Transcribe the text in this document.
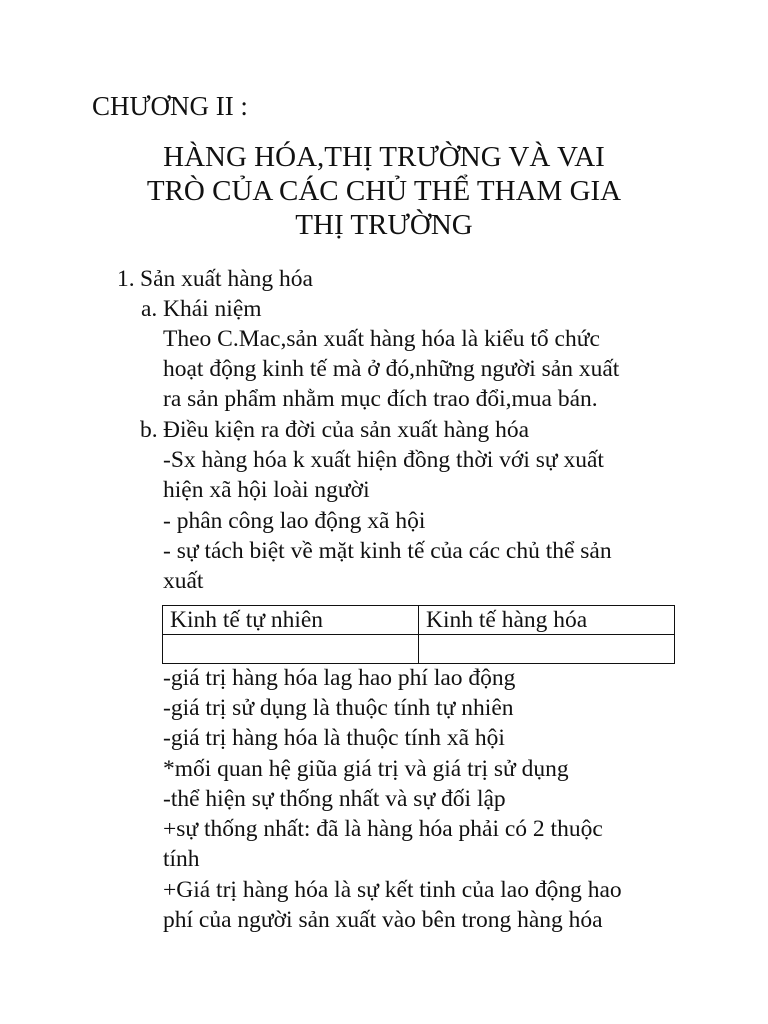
CHƯƠNG II :
HÀNG HÓA,THỊ TRƯỜNG VÀ VAI
TRÒ CỦA CÁC CHỦ THỂ THAM GIA
THỊ TRƯỜNG
1. Sản xuất hàng hóa
a. Khái niệm
Theo C.Mac,sản xuất hàng hóa là kiểu tổ chức
hoạt động kinh tế mà ở đó,những người sản xuất
ra sản phẩm nhằm mục đích trao đổi,mua bán.
b. Điều kiện ra đời của sản xuất hàng hóa
-Sx hàng hóa k xuất hiện đồng thời với sự xuất
hiện xã hội loài người
- phân công lao động xã hội
- sự tách biệt về mặt kinh tế của các chủ thể sản
xuất
Kinh tế tự nhiên	Kinh tế hàng hóa

-giá trị hàng hóa lag hao phí lao động
-giá trị sử dụng là thuộc tính tự nhiên
-giá trị hàng hóa là thuộc tính xã hội
*mối quan hệ giũa giá trị và giá trị sử dụng
-thể hiện sự thống nhất và sự đối lập
+sự thống nhất: đã là hàng hóa phải có 2 thuộc
tính
+Giá trị hàng hóa là sự kết tinh của lao động hao
phí của người sản xuất vào bên trong hàng hóa
